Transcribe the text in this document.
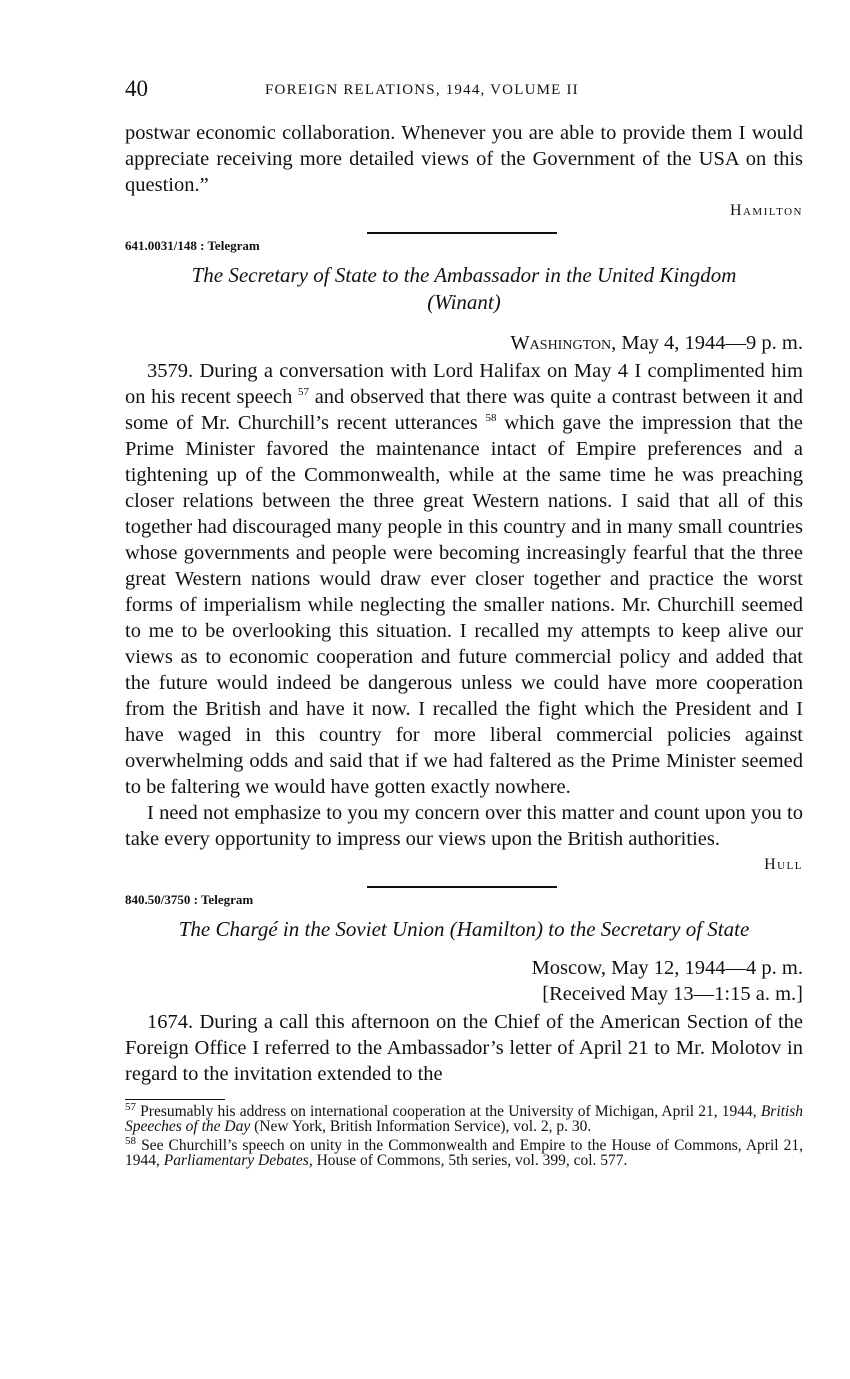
40	FOREIGN RELATIONS, 1944, VOLUME II

postwar economic collaboration. Whenever you are able to provide them I would appreciate receiving more detailed views of the Government of the USA on this question.”

Hamilton
641.0031/148 : Telegram
The Secretary of State to the Ambassador in the United Kingdom (Winant)
Washington, May 4, 1944—9 p. m.

3579. During a conversation with Lord Halifax on May 4 I complimented him on his recent speech $^{57}$ and observed that there was quite a contrast between it and some of Mr. Churchill’s recent utterances $^{58}$ which gave the impression that the Prime Minister favored the maintenance intact of Empire preferences and a tightening up of the Commonwealth, while at the same time he was preaching closer relations between the three great Western nations. I said that all of this together had discouraged many people in this country and in many small countries whose governments and people were becoming increasingly fearful that the three great Western nations would draw ever closer together and practice the worst forms of imperialism while neglecting the smaller nations. Mr. Churchill seemed to me to be overlooking this situation. I recalled my attempts to keep alive our views as to economic cooperation and future commercial policy and added that the future would indeed be dangerous unless we could have more cooperation from the British and have it now. I recalled the fight which the President and I have waged in this country for more liberal commercial policies against overwhelming odds and said that if we had faltered as the Prime Minister seemed to be faltering we would have gotten exactly nowhere.

I need not emphasize to you my concern over this matter and count upon you to take every opportunity to impress our views upon the British authorities.

Hull
840.50/3750 : Telegram
The Chargé in the Soviet Union (Hamilton) to the Secretary of State
Moscow, May 12, 1944—4 p. m.
[Received May 13—1:15 a. m.]

1674. During a call this afternoon on the Chief of the American Section of the Foreign Office I referred to the Ambassador’s letter of April 21 to Mr. Molotov in regard to the invitation extended to the

$^{57}$ Presumably his address on international cooperation at the University of Michigan, April 21, 1944, British Speeches of the Day (New York, British Information Service), vol. 2, p. 30.
$^{58}$ See Churchill’s speech on unity in the Commonwealth and Empire to the House of Commons, April 21, 1944, Parliamentary Debates, House of Commons, 5th series, vol. 399, col. 577.
